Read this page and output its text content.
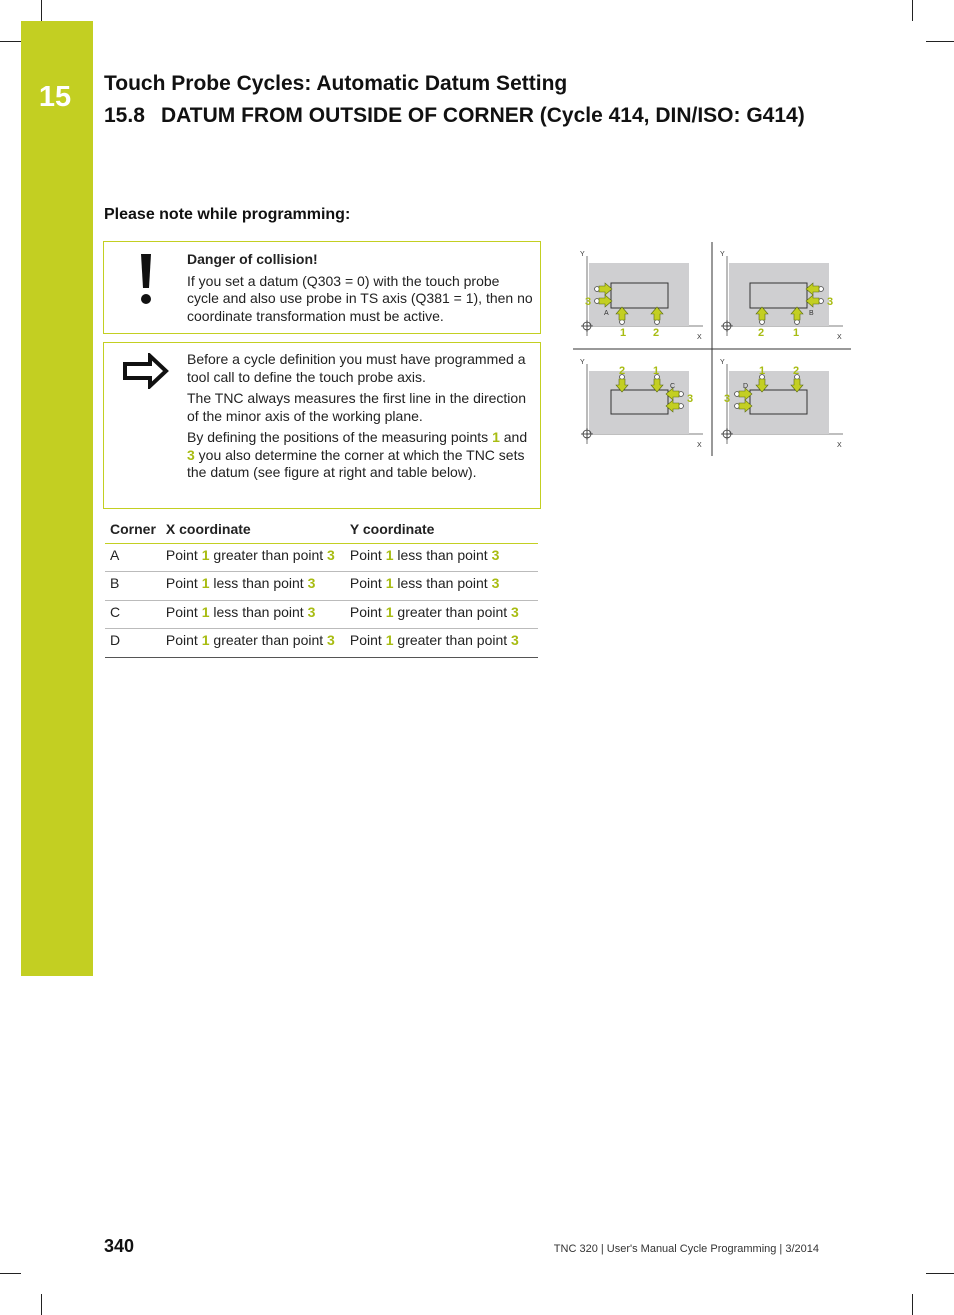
15	Touch Probe Cycles: Automatic Datum Setting
15.8 DATUM FROM OUTSIDE OF CORNER (Cycle 414, DIN/ISO: G414)
Please note while programming:

Danger of collision!

If you set a datum (Q303 = 0) with the touch probe cycle and also use probe in TS axis (Q381 = 1), then no coordinate transformation must be active.

Before a cycle definition you must have programmed a tool call to define the touch probe axis.

The TNC always measures the first line in the direction of the minor axis of the working plane.

By defining the positions of the measuring points 1 and 3 you also determine the corner at which the TNC sets the datum (see figure at right and table below).

Corner	X coordinate	Y coordinate
A	Point 1 greater than point 3	Point 1 less than point 3
B	Point 1 less than point 3	Point 1 less than point 3
C	Point 1 less than point 3	Point 1 greater than point 3
D	Point 1 greater than point 3	Point 1 greater than point 3
Y
X
3
1 2
A
Y
X
3
2	1
B
Y
X
2	1
3
C
Y
X
1	2
3
D
340	TNC 320 | User's Manual Cycle Programming | 3/2014
